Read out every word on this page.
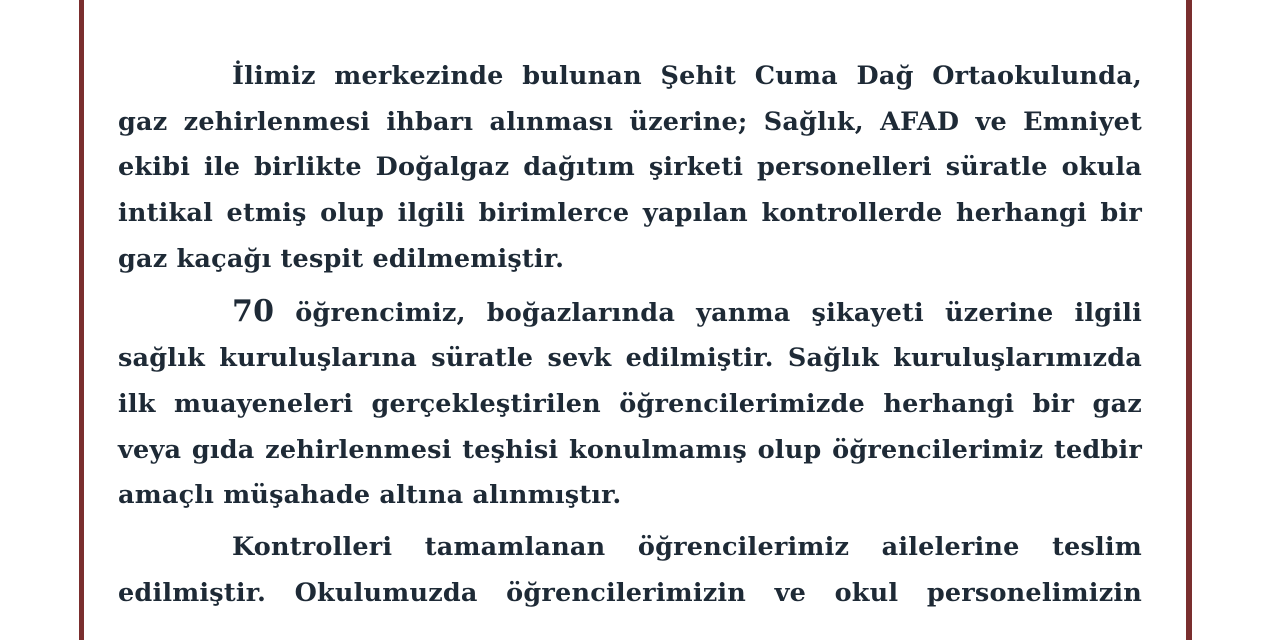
İlimiz merkezinde bulunan Şehit Cuma Dağ Ortaokulunda, gaz zehirlenmesi ihbarı alınması üzerine; Sağlık, AFAD ve Emniyet ekibi ile birlikte Doğalgaz dağıtım şirketi personelleri süratle okula intikal etmiş olup ilgili birimlerce yapılan kontrollerde herhangi bir gaz kaçağı tespit edilmemiştir.

70 öğrencimiz, boğazlarında yanma şikayeti üzerine ilgili sağlık kuruluşlarına süratle sevk edilmiştir. Sağlık kuruluşlarımızda ilk muayeneleri gerçekleştirilen öğrencilerimizde herhangi bir gaz veya gıda zehirlenmesi teşhisi konulmamış olup öğrencilerimiz tedbir amaçlı müşahade altına alınmıştır.

Kontrolleri tamamlanan öğrencilerimiz ailelerine teslim edilmiştir. Okulumuzda öğrencilerimizin ve okul personelimizin
